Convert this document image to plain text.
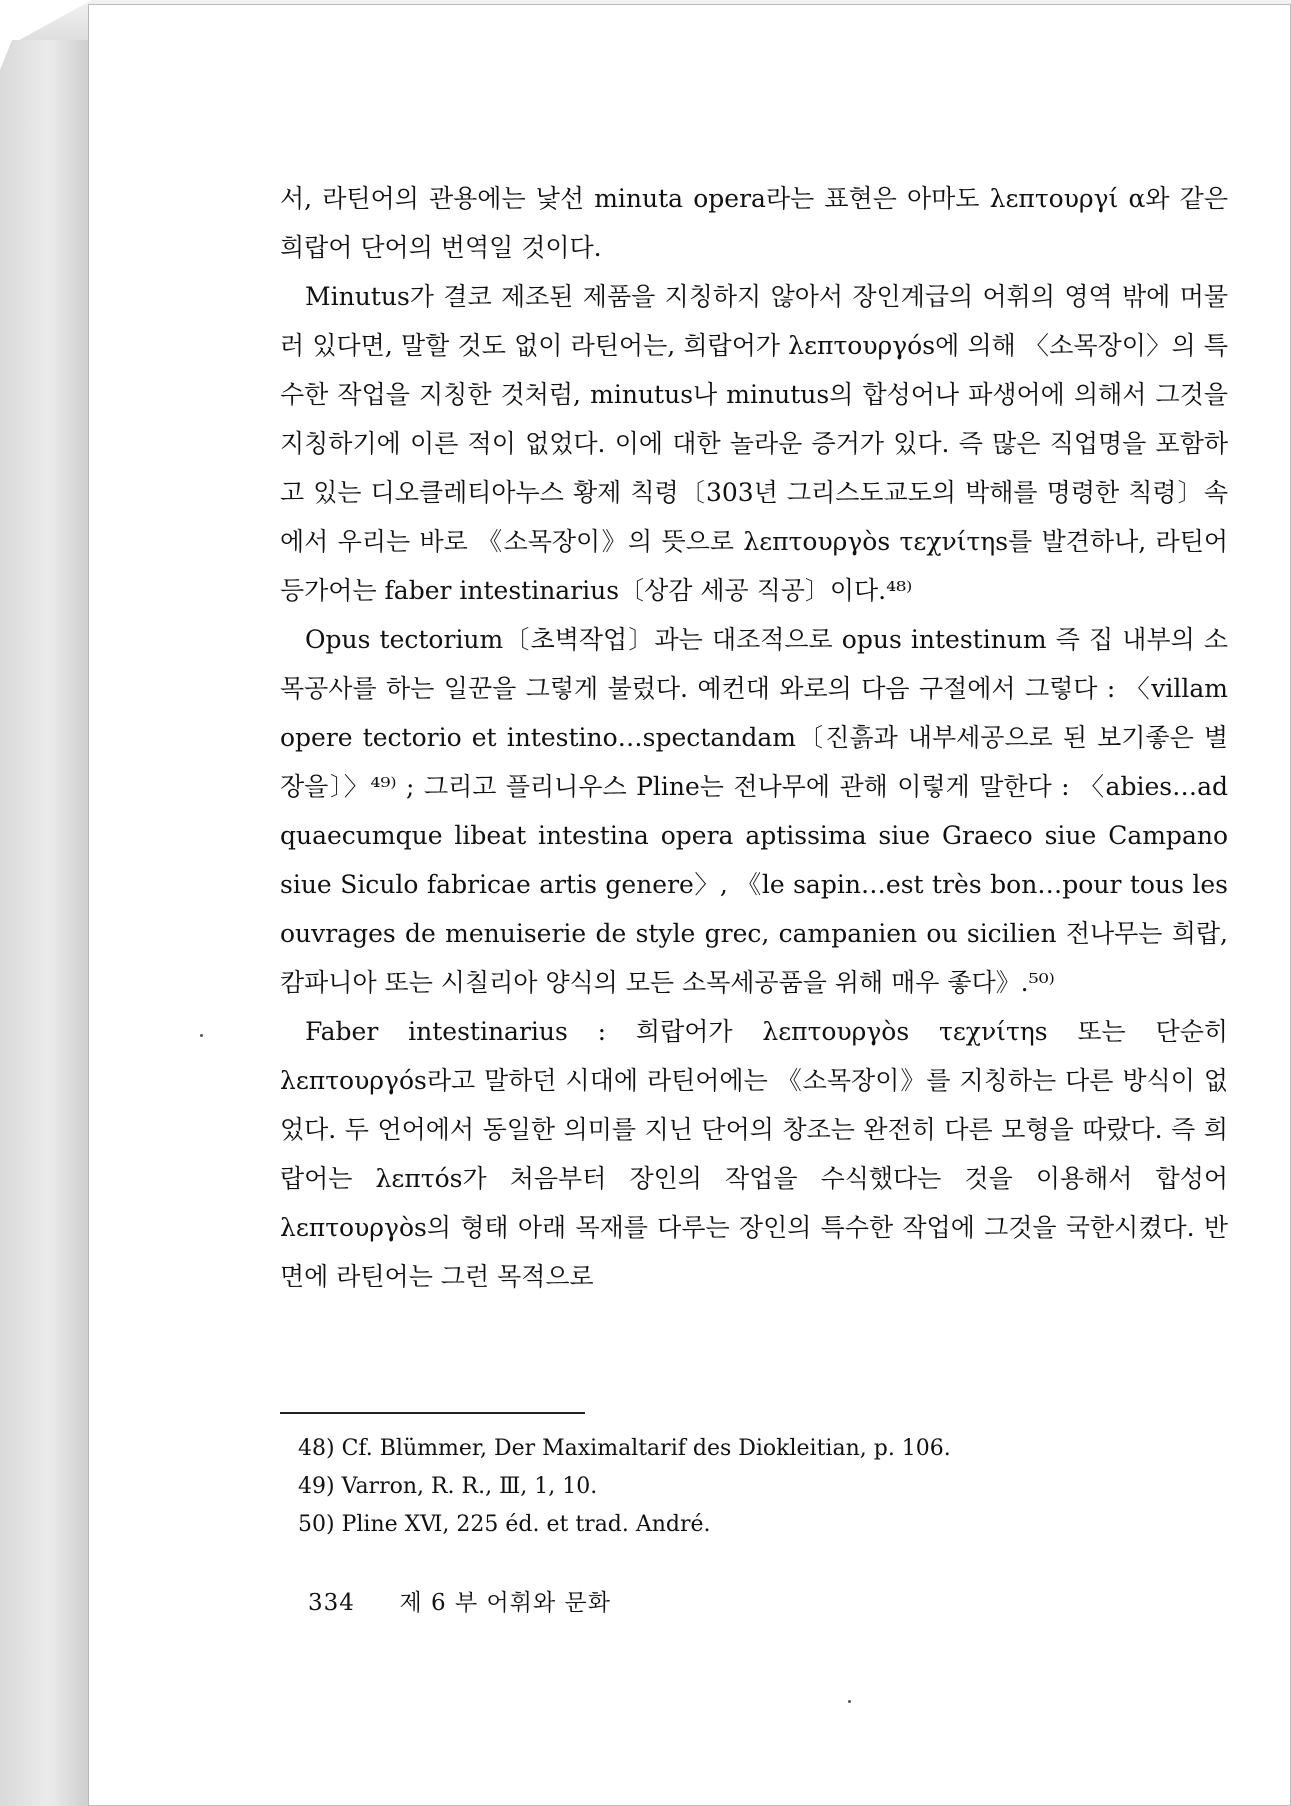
서, 라틴어의 관용에는 낯선 minuta opera라는 표현은 아마도 λεπτουργί α와 같은 희랍어 단어의 번역일 것이다.

Minutus가 결코 제조된 제품을 지칭하지 않아서 장인계급의 어휘의 영역 밖에 머물러 있다면, 말할 것도 없이 라틴어는, 희랍어가 λεπτουργόs에 의해 〈소목장이〉의 특수한 작업을 지칭한 것처럼, minutus나 minutus의 합성어나 파생어에 의해서 그것을 지칭하기에 이른 적이 없었다. 이에 대한 놀라운 증거가 있다. 즉 많은 직업명을 포함하고 있는 디오클레티아누스 황제 칙령〔303년 그리스도교도의 박해를 명령한 칙령〕속에서 우리는 바로 《소목장이》의 뜻으로 λεπτουργòs τεχνίτηs를 발견하나, 라틴어 등가어는 faber intestinarius〔상감 세공 직공〕이다.⁴⁸⁾

Opus tectorium〔초벽작업〕과는 대조적으로 opus intestinum 즉 집 내부의 소목공사를 하는 일꾼을 그렇게 불렀다. 예컨대 와로의 다음 구절에서 그렇다 : 〈villam opere tectorio et intestino…spectandam〔진흙과 내부세공으로 된 보기좋은 별장을〕〉⁴⁹⁾ ; 그리고 플리니우스 Pline는 전나무에 관해 이렇게 말한다 : 〈abies…ad quaecumque libeat intestina opera aptissima siue Graeco siue Campano siue Siculo fabricae artis genere〉, 《le sapin…est très bon…pour tous les ouvrages de menuiserie de style grec, campanien ou sicilien 전나무는 희랍, 캄파니아 또는 시칠리아 양식의 모든 소목세공품을 위해 매우 좋다》.⁵⁰⁾

Faber intestinarius : 희랍어가 λεπτουργòs τεχνίτηs 또는 단순히 λεπτουργόs라고 말하던 시대에 라틴어에는 《소목장이》를 지칭하는 다른 방식이 없었다. 두 언어에서 동일한 의미를 지닌 단어의 창조는 완전히 다른 모형을 따랐다. 즉 희랍어는 λεπτόs가 처음부터 장인의 작업을 수식했다는 것을 이용해서 합성어 λεπτουργòs의 형태 아래 목재를 다루는 장인의 특수한 작업에 그것을 국한시켰다. 반면에 라틴어는 그런 목적으로

48) Cf. Blümmer, Der Maximaltarif des Diokleitian, p. 106.

49) Varron, R. R., Ⅲ, 1, 10.

50) Pline ⅩⅥ, 225 éd. et trad. André.

334 제 6 부 어휘와 문화
